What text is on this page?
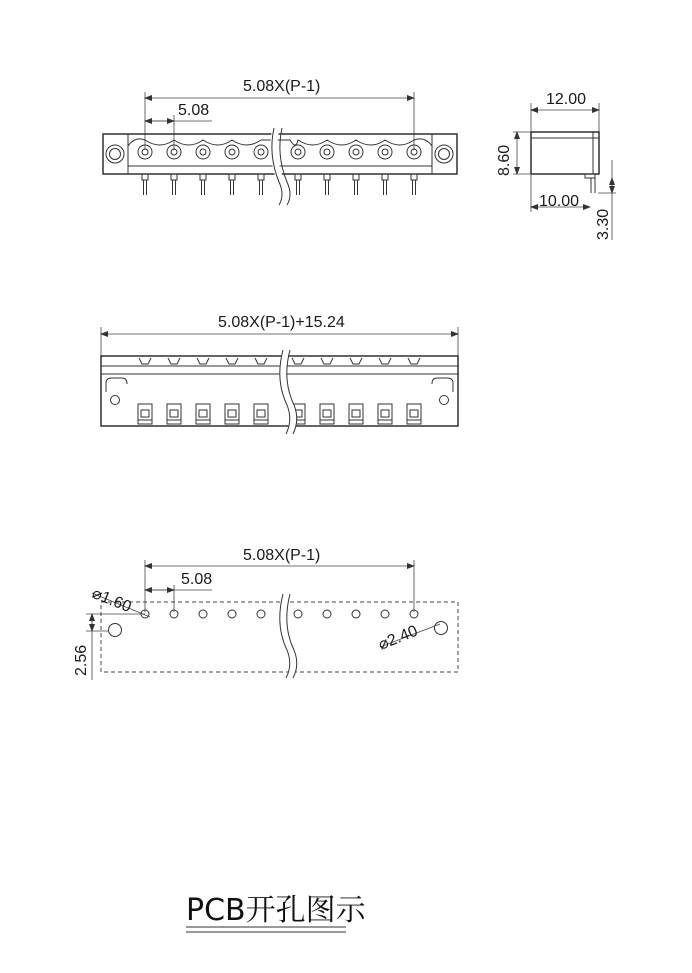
5.08X(P-1)
5.08
12.00
8.60
10.00
3.30
5.08X(P-1)+15.24
5.08X(P-1)
5.08
⌀1.60
⌀2.40
2.56
PCB开孔图示
